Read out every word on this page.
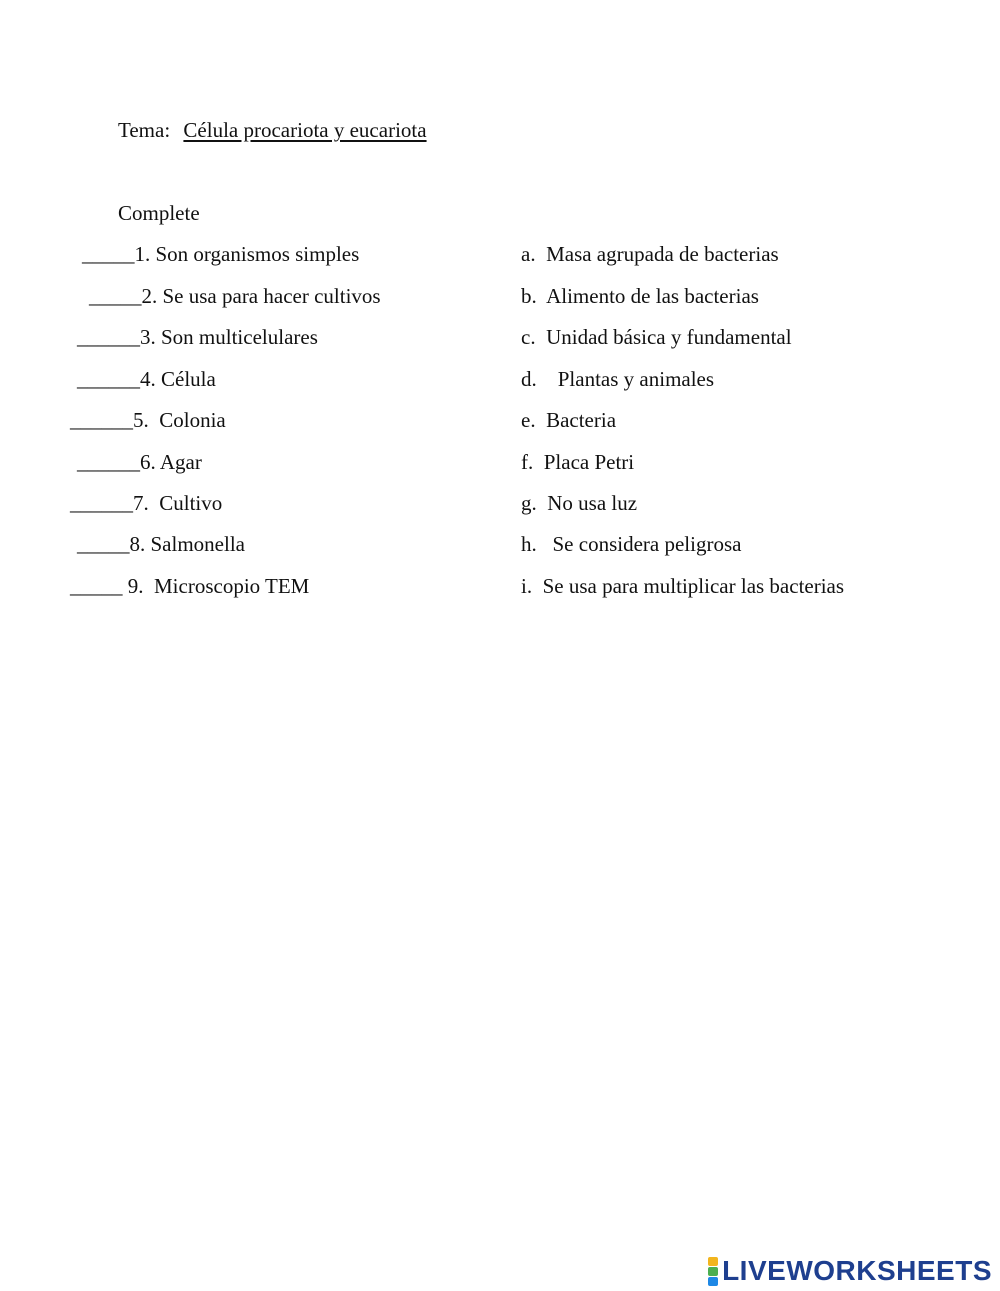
Tema: Célula procariota y eucariota
Complete

_____1. Son organismos simples

_____2. Se usa para hacer cultivos

______3. Son multicelulares

______4. Célula

______5.  Colonia

______6. Agar

______7.  Cultivo

_____8. Salmonella

_____ 9.  Microscopio TEM

a.  Masa agrupada de bacterias

b.  Alimento de las bacterias

c.  Unidad básica y fundamental

d.    Plantas y animales

e.  Bacteria

f.  Placa Petri

g.  No usa luz

h.   Se considera peligrosa

i.  Se usa para multiplicar las bacterias

LIVEWORKSHEETS
